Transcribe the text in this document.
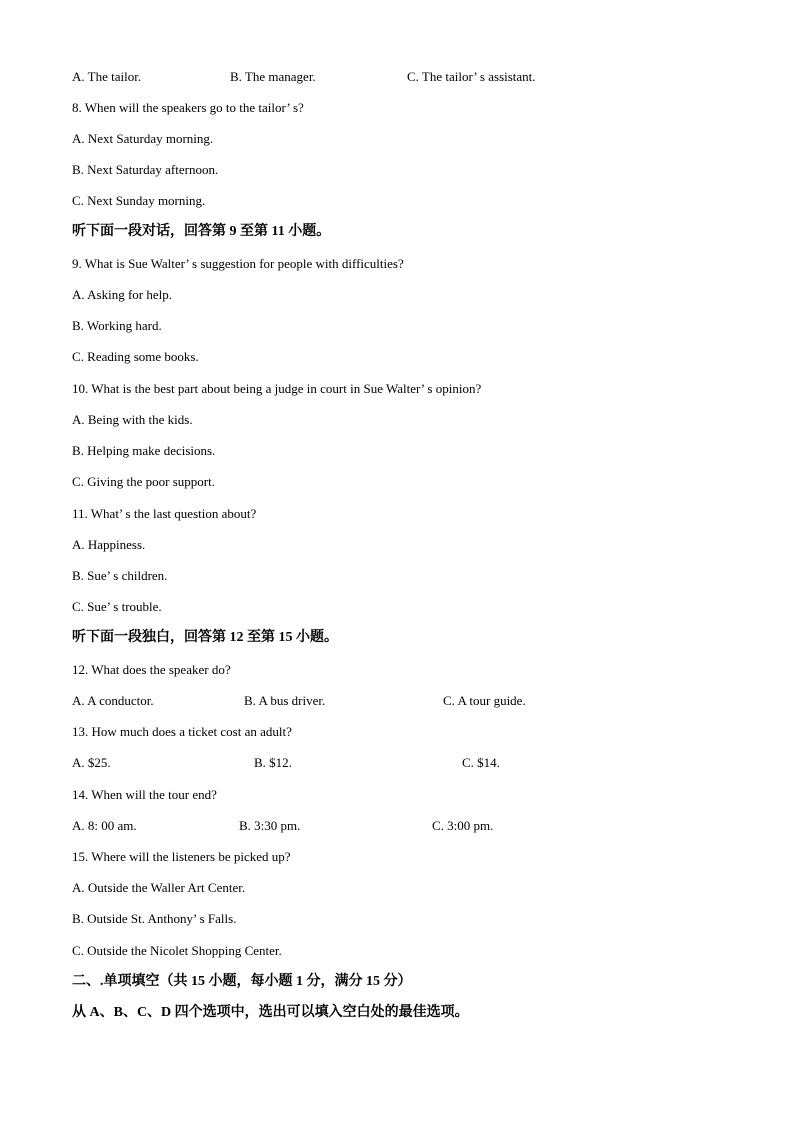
A. The tailor.	B. The manager.	C. The tailor’ s assistant.
8. When will the speakers go to the tailor’ s?
A. Next Saturday morning.
B. Next Saturday afternoon.
C. Next Sunday morning.
听下面一段对话，回答第 9 至第 11 小题。
9. What is Sue Walter’ s suggestion for people with difficulties?
A. Asking for help.
B. Working hard.
C. Reading some books.
10. What is the best part about being a judge in court in Sue Walter’ s opinion?
A. Being with the kids.
B. Helping make decisions.
C. Giving the poor support.
11. What’ s the last question about?
A. Happiness.
B. Sue’ s children.
C. Sue’ s trouble.
听下面一段独白，回答第 12 至第 15 小题。
12. What does the speaker do?
A. A conductor.	B. A bus driver.	C. A tour guide.
13. How much does a ticket cost an adult?
A. $25.	B. $12.	C. $14.
14. When will the tour end?
A. 8: 00 am.	B. 3:30 pm.	C. 3:00 pm.
15. Where will the listeners be picked up?
A. Outside the Waller Art Center.
B. Outside St. Anthony’ s Falls.
C. Outside the Nicolet Shopping Center.
二、.单项填空（共 15 小题，每小题 1 分，满分 15 分）
从 A、B、C、D 四个选项中，选出可以填入空白处的最佳选项。
